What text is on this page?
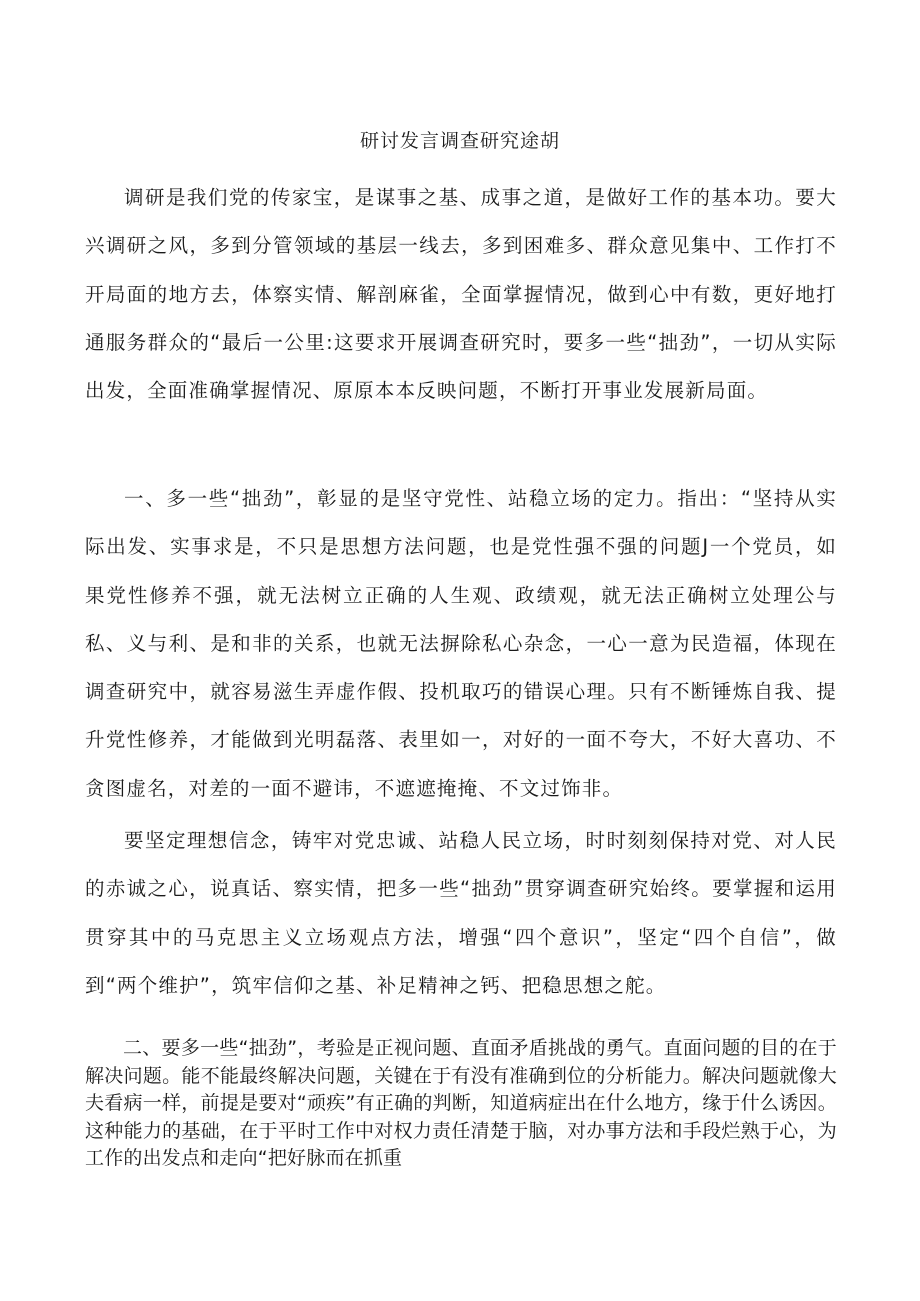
研讨发言调查研究途胡

调研是我们党的传家宝，是谋事之基、成事之道，是做好工作的基本功。要大兴调研之风，多到分管领域的基层一线去，多到困难多、群众意见集中、工作打不开局面的地方去，体察实情、解剖麻雀，全面掌握情况，做到心中有数，更好地打通服务群众的“最后一公里:这要求开展调查研究时，要多一些“拙劲”，一切从实际出发，全面准确掌握情况、原原本本反映问题，不断打开事业发展新局面。

一、多一些“拙劲”，彰显的是坚守党性、站稳立场的定力。指出：“坚持从实际出发、实事求是，不只是思想方法问题，也是党性强不强的问题J一个党员，如果党性修养不强，就无法树立正确的人生观、政绩观，就无法正确树立处理公与私、义与利、是和非的关系，也就无法摒除私心杂念，一心一意为民造福，体现在调查研究中，就容易滋生弄虚作假、投机取巧的错误心理。只有不断锤炼自我、提升党性修养，才能做到光明磊落、表里如一，对好的一面不夸大，不好大喜功、不贪图虚名，对差的一面不避讳，不遮遮掩掩、不文过饰非。

要坚定理想信念，铸牢对党忠诚、站稳人民立场，时时刻刻保持对党、对人民的赤诚之心，说真话、察实情，把多一些“拙劲”贯穿调查研究始终。要掌握和运用贯穿其中的马克思主义立场观点方法，增强“四个意识”，坚定“四个自信”，做到“两个维护”，筑牢信仰之基、补足精神之钙、把稳思想之舵。

二、要多一些“拙劲”，考验是正视问题、直面矛盾挑战的勇气。直面问题的目的在于解决问题。能不能最终解决问题，关键在于有没有准确到位的分析能力。解决问题就像大夫看病一样，前提是要对“顽疾”有正确的判断，知道病症出在什么地方，缘于什么诱因。这种能力的基础，在于平时工作中对权力责任清楚于脑，对办事方法和手段烂熟于心，为工作的出发点和走向“把好脉而在抓重
